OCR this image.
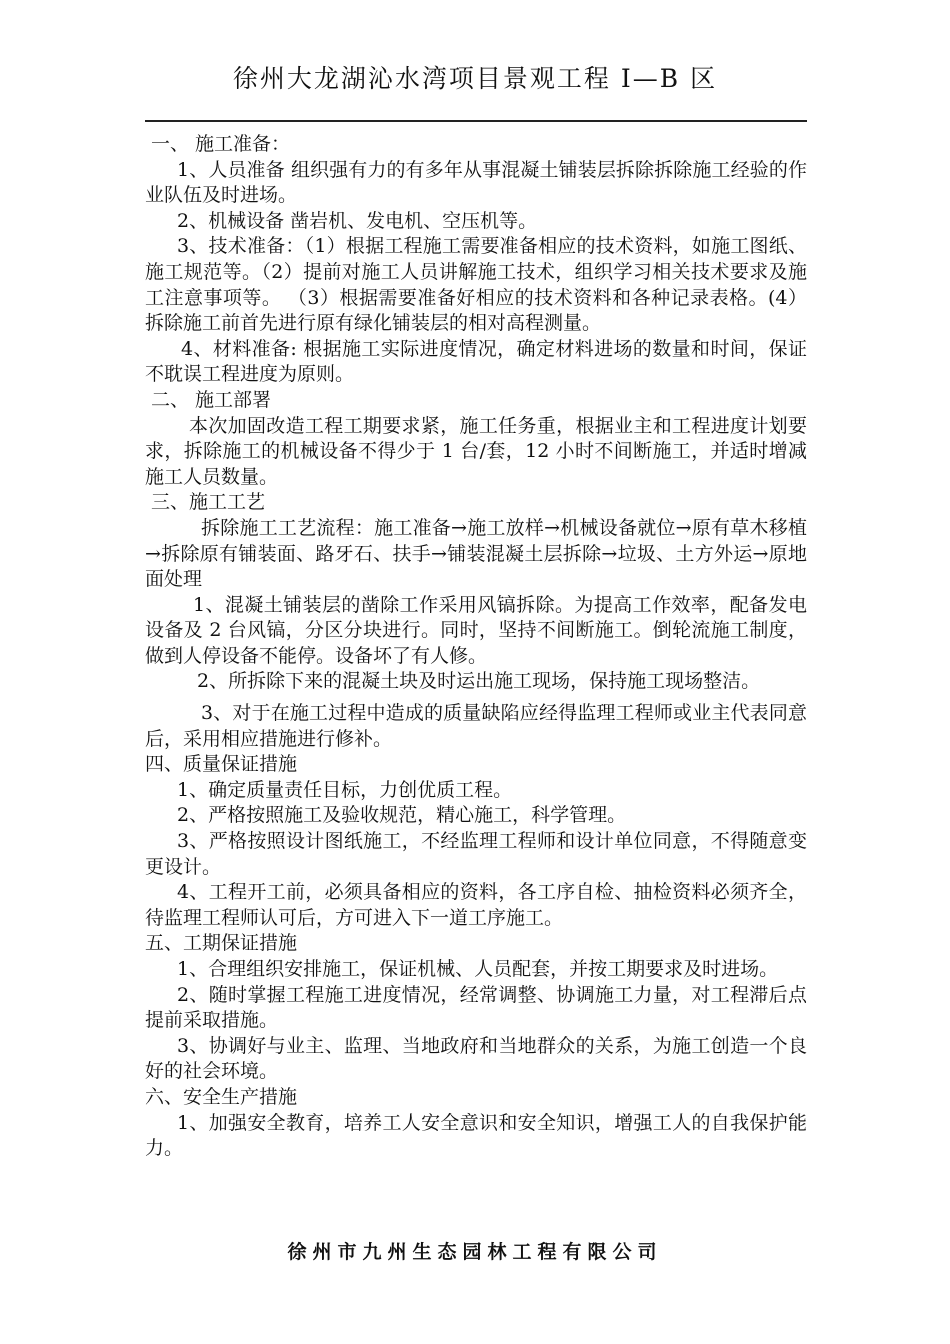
徐州大龙湖沁水湾项目景观工程 I—B 区

一、 施工准备：

1、人员准备 组织强有力的有多年从事混凝土铺装层拆除拆除施工经验的作业队伍及时进场。

2、机械设备 凿岩机、发电机、空压机等。

3、技术准备：（1）根据工程施工需要准备相应的技术资料，如施工图纸、施工规范等。（2）提前对施工人员讲解施工技术，组织学习相关技术要求及施工注意事项等。 （3）根据需要准备好相应的技术资料和各种记录表格。(4）拆除施工前首先进行原有绿化铺装层的相对高程测量。

4、材料准备: 根据施工实际进度情况，确定材料进场的数量和时间，保证不耽误工程进度为原则。

二、 施工部署

本次加固改造工程工期要求紧，施工任务重，根据业主和工程进度计划要求，拆除施工的机械设备不得少于 1 台/套，12 小时不间断施工，并适时增减施工人员数量。

三、施工工艺

拆除施工工艺流程：施工准备→施工放样→机械设备就位→原有草木移植→拆除原有铺装面、路牙石、扶手→铺装混凝土层拆除→垃圾、土方外运→原地面处理

1、混凝土铺装层的凿除工作采用风镐拆除。为提高工作效率，配备发电设备及 2 台风镐，分区分块进行。同时，坚持不间断施工。倒轮流施工制度，做到人停设备不能停。设备坏了有人修。

2、所拆除下来的混凝土块及时运出施工现场，保持施工现场整洁。

3、对于在施工过程中造成的质量缺陷应经得监理工程师或业主代表同意后，采用相应措施进行修补。

四、质量保证措施

1、确定质量责任目标，力创优质工程。

2、严格按照施工及验收规范，精心施工，科学管理。

3、严格按照设计图纸施工，不经监理工程师和设计单位同意，不得随意变更设计。

4、工程开工前，必须具备相应的资料，各工序自检、抽检资料必须齐全，待监理工程师认可后，方可进入下一道工序施工。

五、工期保证措施

1、合理组织安排施工，保证机械、人员配套，并按工期要求及时进场。

2、随时掌握工程施工进度情况，经常调整、协调施工力量，对工程滞后点提前采取措施。

3、协调好与业主、监理、当地政府和当地群众的关系，为施工创造一个良好的社会环境。

六、安全生产措施

1、加强安全教育，培养工人安全意识和安全知识，增强工人的自我保护能力。

徐州市九州生态园林工程有限公司
